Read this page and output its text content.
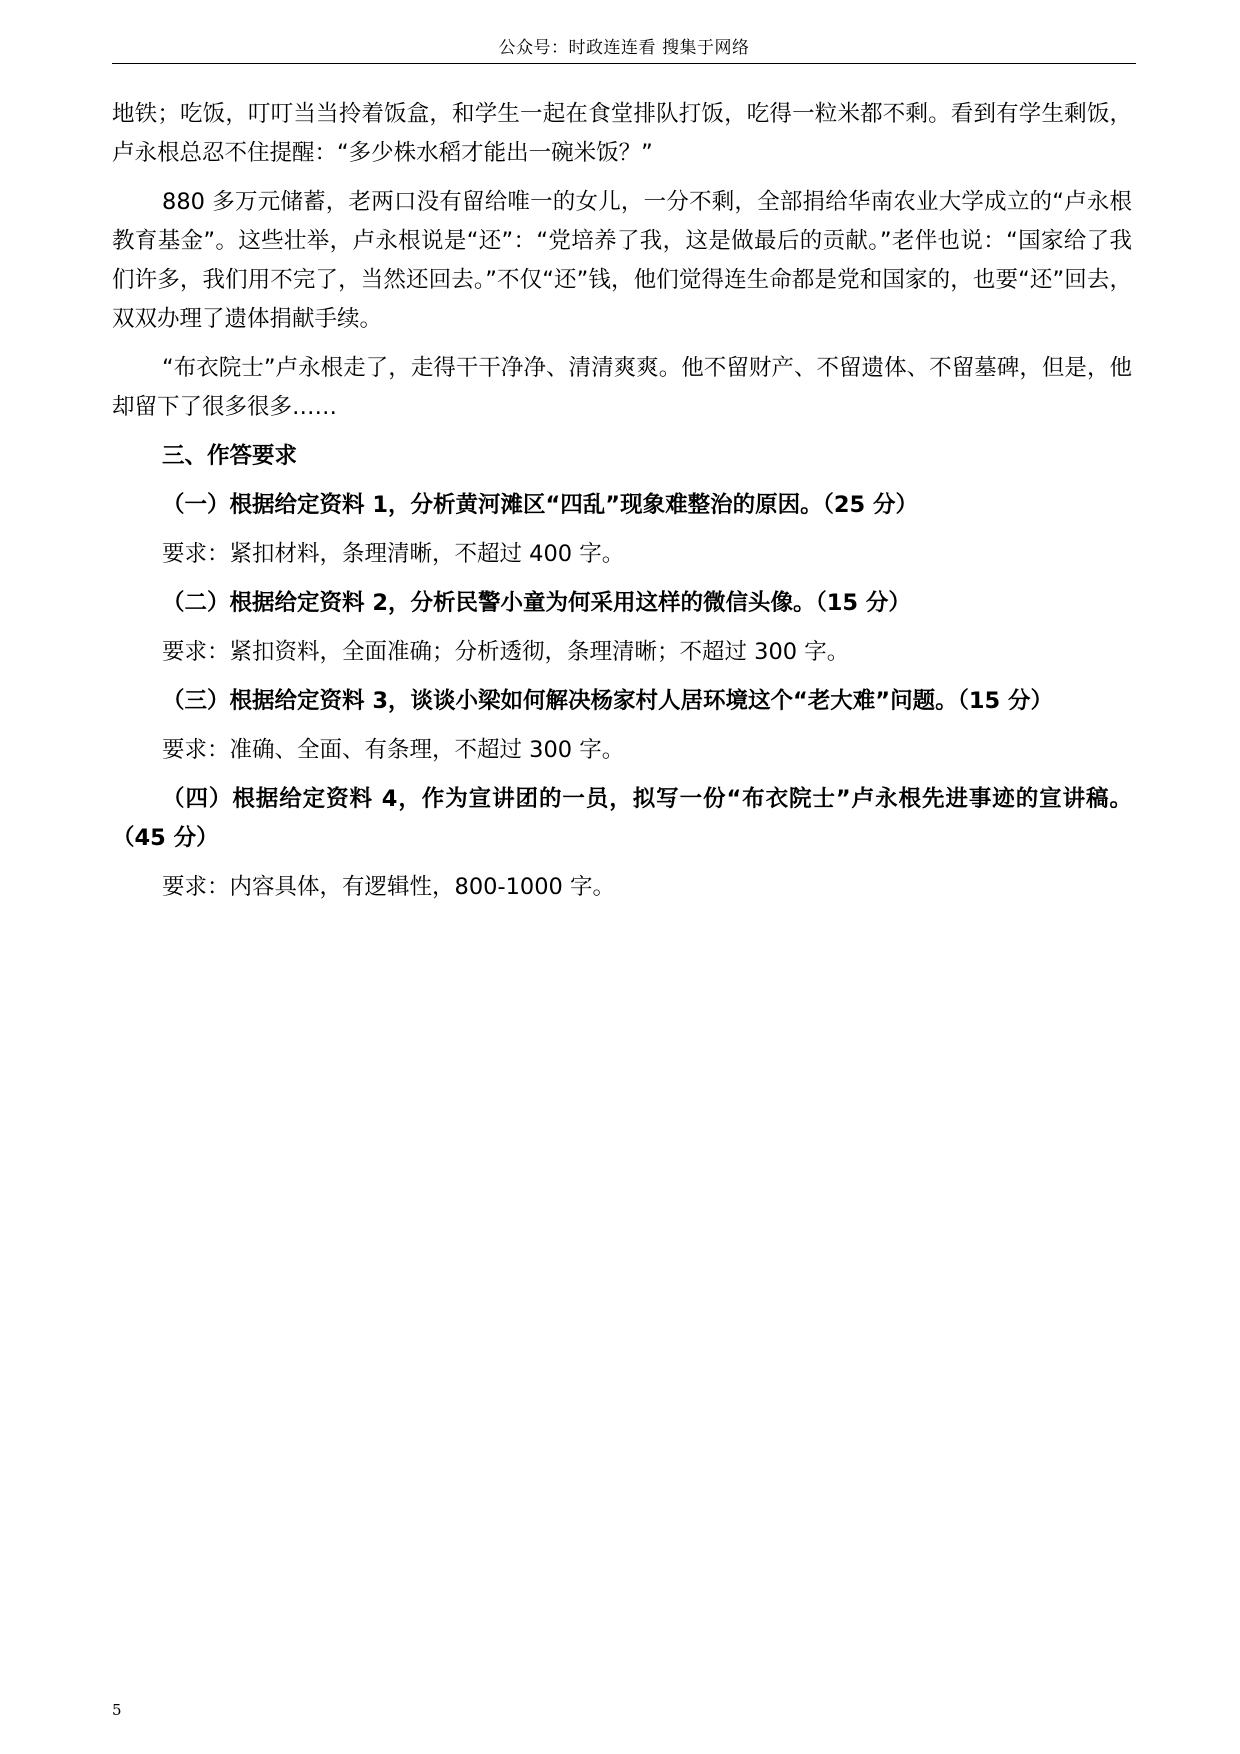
公众号：时政连连看 搜集于网络

地铁；吃饭，叮叮当当拎着饭盒，和学生一起在食堂排队打饭，吃得一粒米都不剩。看到有学生剩饭，卢永根总忍不住提醒：“多少株水稻才能出一碗米饭？”

880 多万元储蓄，老两口没有留给唯一的女儿，一分不剩，全部捐给华南农业大学成立的“卢永根教育基金”。这些壮举，卢永根说是“还”：“党培养了我，这是做最后的贡献。”老伴也说：“国家给了我们许多，我们用不完了，当然还回去。”不仅“还”钱，他们觉得连生命都是党和国家的，也要“还”回去，双双办理了遗体捐献手续。

“布衣院士”卢永根走了，走得干干净净、清清爽爽。他不留财产、不留遗体、不留墓碑，但是，他却留下了很多很多……

三、作答要求

（一）根据给定资料 1，分析黄河滩区“四乱”现象难整治的原因。（25 分）

要求：紧扣材料，条理清晰，不超过 400 字。

（二）根据给定资料 2，分析民警小童为何采用这样的微信头像。（15 分）

要求：紧扣资料，全面准确；分析透彻，条理清晰；不超过 300 字。

（三）根据给定资料 3，谈谈小梁如何解决杨家村人居环境这个“老大难”问题。（15 分）

要求：准确、全面、有条理，不超过 300 字。

（四）根据给定资料 4，作为宣讲团的一员，拟写一份“布衣院士”卢永根先进事迹的宣讲稿。（45 分）

要求：内容具体，有逻辑性，800-1000 字。

5
